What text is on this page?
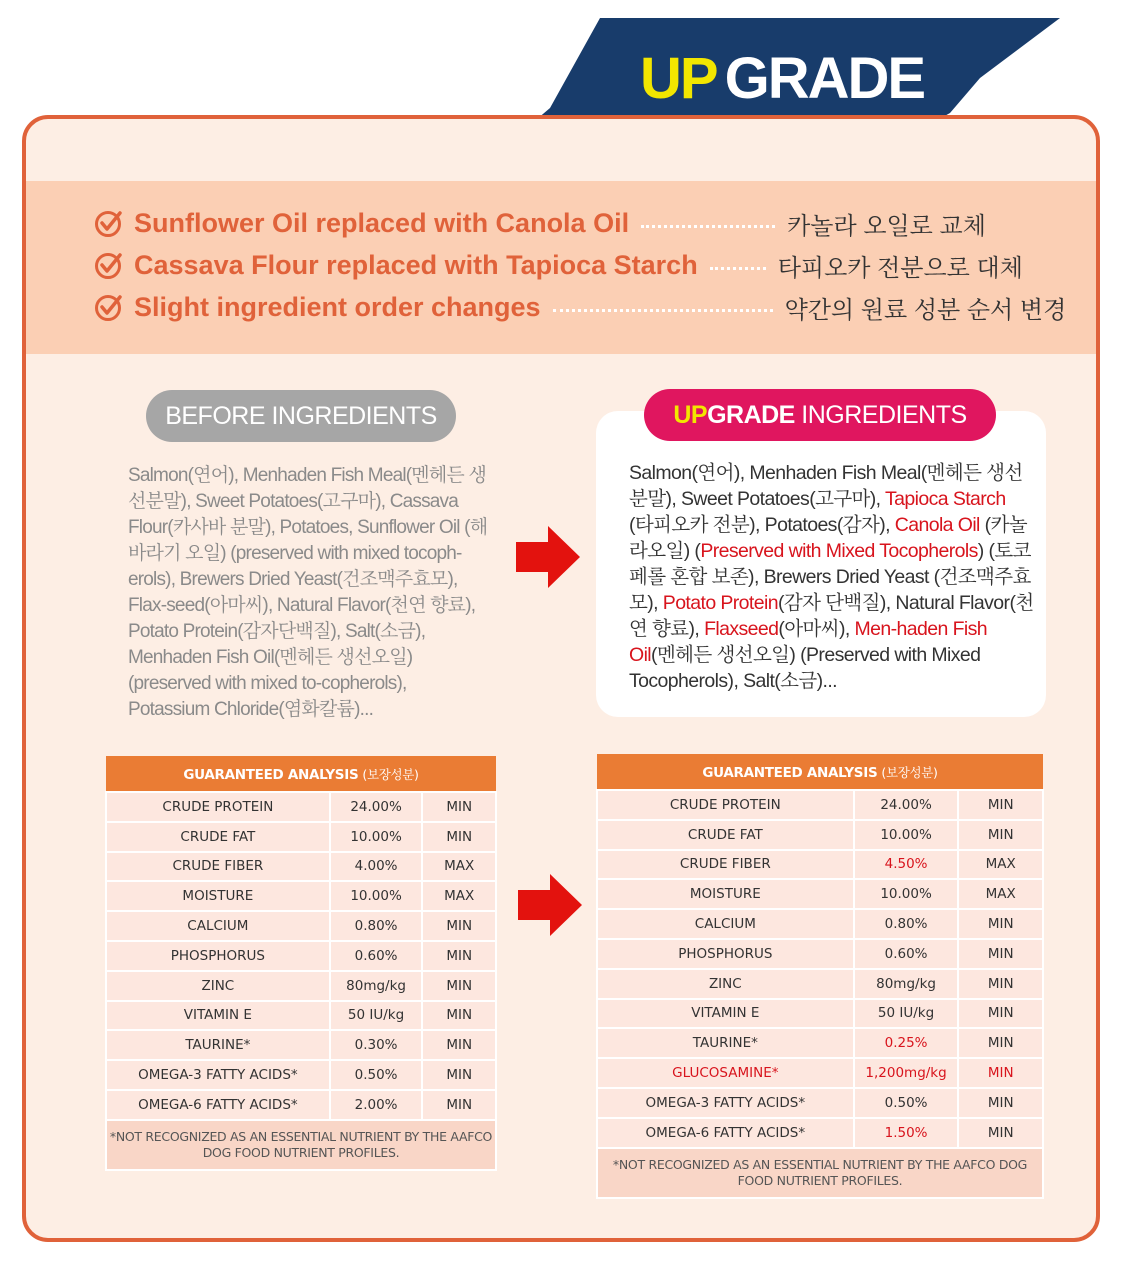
UP GRADE
Sunflower Oil replaced with Canola Oil	카놀라 오일로 교체
Cassava Flour replaced with Tapioca Starch	타피오카 전분으로 대체
Slight ingredient order changes	약간의 원료 성분 순서 변경
BEFORE INGREDIENTS
Salmon(연어), Menhaden Fish Meal(멘헤든 생선분말), Sweet Potatoes(고구마), Cassava Flour(카사바 분말), Potatoes, Sunflower Oil (해바라기 오일) (preserved with mixed tocoph-erols), Brewers Dried Yeast(건조맥주효모), Flax-seed(아마씨), Natural Flavor(천연 향료), Potato Protein(감자단백질), Salt(소금), Menhaden Fish Oil(멘헤든 생선오일)(preserved with mixed to-copherols), Potassium Chloride(염화칼륨)...
UPGRADE INGREDIENTS
Salmon(연어), Menhaden Fish Meal(멘헤든 생선분말), Sweet Potatoes(고구마), Tapioca Starch (타피오카 전분), Potatoes(감자), Canola Oil (카놀라오일) (Preserved with Mixed Tocopherols) (토코페롤 혼합 보존), Brewers Dried Yeast (건조맥주효모), Potato Protein(감자 단백질), Natural Flavor(천연 향료), Flaxseed(아마씨), Men-haden Fish Oil(멘헤든 생선오일) (Preserved with Mixed Tocopherols), Salt(소금)...
GUARANTEED ANALYSIS (보장성분)		
CRUDE PROTEIN	24.00%	MIN
CRUDE FAT	10.00%	MIN
CRUDE FIBER	4.00%	MAX
MOISTURE	10.00%	MAX
CALCIUM	0.80%	MIN
PHOSPHORUS	0.60%	MIN
ZINC	80mg/kg	MIN
VITAMIN E	50 IU/kg	MIN
TAURINE*	0.30%	MIN
OMEGA-3 FATTY ACIDS*	0.50%	MIN
OMEGA-6 FATTY ACIDS*	2.00%	MIN
*NOT RECOGNIZED AS AN ESSENTIAL NUTRIENT BY THE AAFCO DOG FOOD NUTRIENT PROFILES.		
GUARANTEED ANALYSIS (보장성분)		
CRUDE PROTEIN	24.00%	MIN
CRUDE FAT	10.00%	MIN
CRUDE FIBER	4.50%	MAX
MOISTURE	10.00%	MAX
CALCIUM	0.80%	MIN
PHOSPHORUS	0.60%	MIN
ZINC	80mg/kg	MIN
VITAMIN E	50 IU/kg	MIN
TAURINE*	0.25%	MIN
GLUCOSAMINE*	1,200mg/kg	MIN
OMEGA-3 FATTY ACIDS*	0.50%	MIN
OMEGA-6 FATTY ACIDS*	1.50%	MIN
*NOT RECOGNIZED AS AN ESSENTIAL NUTRIENT BY THE AAFCO DOG FOOD NUTRIENT PROFILES.		
